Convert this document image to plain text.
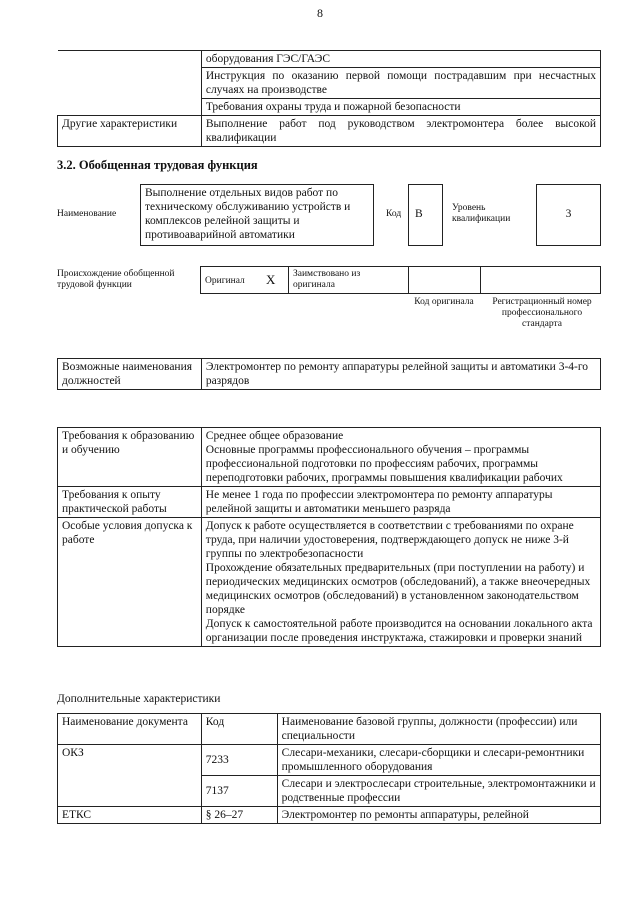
8
	оборудования ГЭС/ГАЭС
	Инструкция по оказанию первой помощи пострадавшим при несчастных случаях на производстве
	Требования охраны труда и пожарной безопасности
Другие характеристики	Выполнение работ под руководством электромонтера более высокой квалификации
3.2. Обобщенная трудовая функция
Наименование
Выполнение отдельных видов работ по техническому обслуживанию устройств и комплексов релейной защиты и противоаварийной автоматики
Код	В	Уровень квалификации	3
Происхождение обобщенной трудовой функции	Оригинал X Заимствовано из оригинала
Код оригинала	Регистрационный номер профессионального стандарта
Возможные наименования должностей	Электромонтер по ремонту аппаратуры релейной защиты и автоматики 3-4-го разрядов
Требования к образованию и обучению	Среднее общее образование
Основные программы профессионального обучения – программы профессиональной подготовки по профессиям рабочих, программы переподготовки рабочих, программы повышения квалификации рабочих

Требования к опыту практической работы	Не менее 1 года по профессии электромонтера по ремонту аппаратуры релейной защиты и автоматики меньшего разряда

Особые условия допуска к работе	Допуск к работе осуществляется в соответствии с требованиями по охране труда, при наличии удостоверения, подтверждающего допуск не ниже 3-й группы по электробезопасности
Прохождение обязательных предварительных (при поступлении на работу) и периодических медицинских осмотров (обследований), а также внеочередных медицинских осмотров (обследований) в установленном законодательством порядке
Допуск к самостоятельной работе производится на основании локального акта организации после проведения инструктажа, стажировки и проверки знаний
Дополнительные характеристики
Наименование документа	Код	Наименование базовой группы, должности (профессии) или специальности
ОКЗ	7233	Слесари-механики, слесари-сборщики и слесари-ремонтники промышленного оборудования
	7137	Слесари и электрослесари строительные, электромонтажники и родственные профессии
ЕТКС	§ 26–27	Электромонтер по ремонты аппаратуры, релейной
